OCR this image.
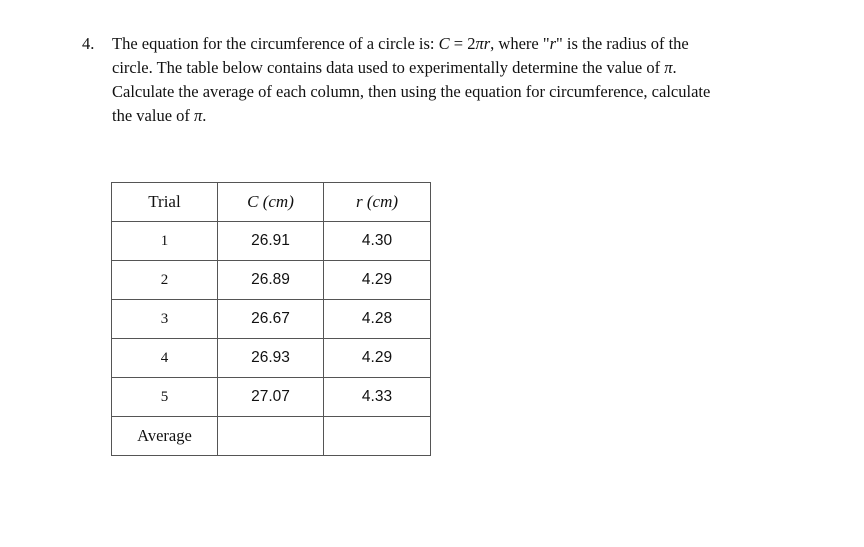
4. The equation for the circumference of a circle is: C = 2πr, where "r" is the radius of the
circle. The table below contains data used to experimentally determine the value of π.
Calculate the average of each column, then using the equation for circumference, calculate
the value of π.
Trial	C (cm)	r (cm)
1	26.91	4.30
2	26.89	4.29
3	26.67	4.28
4	26.93	4.29
5	27.07	4.33
Average		
